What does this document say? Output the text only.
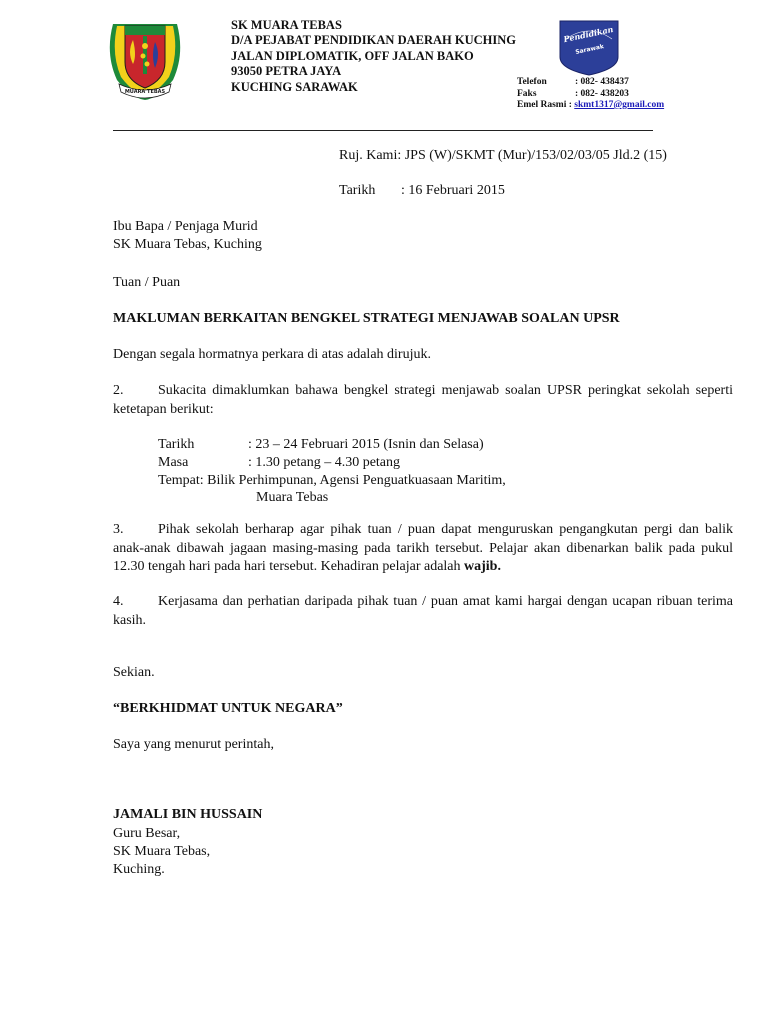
MUARA TEBAS
SK MUARA TEBAS
D/A PEJABAT PENDIDIKAN DAERAH KUCHING
JALAN DIPLOMATIK, OFF JALAN BAKO
93050 PETRA JAYA
KUCHING SARAWAK
Pendidikan
Sarawak
Telefon	: 082- 438437
Faks	: 082- 438203
Emel Rasmi : skmt1317@gmail.com
Ruj. Kami: JPS (W)/SKMT (Mur)/153/02/03/05 Jld.2 (15)
Tarikh : 16 Februari 2015
Ibu Bapa / Penjaga Murid
SK Muara Tebas, Kuching
Tuan / Puan
MAKLUMAN BERKAITAN BENGKEL STRATEGI MENJAWAB SOALAN UPSR
Dengan segala hormatnya perkara di atas adalah dirujuk.
2. Sukacita dimaklumkan bahawa bengkel strategi menjawab soalan UPSR peringkat sekolah seperti ketetapan berikut:
Tarikh	: 23 – 24 Februari 2015 (Isnin dan Selasa)
Masa	: 1.30 petang – 4.30 petang
Tempat: Bilik Perhimpunan, Agensi Penguatkuasaan Maritim,
Muara Tebas
3. Pihak sekolah berharap agar pihak tuan / puan dapat menguruskan pengangkutan pergi dan balik anak-anak dibawah jagaan masing-masing pada tarikh tersebut. Pelajar akan dibenarkan balik pada pukul 12.30 tengah hari pada hari tersebut. Kehadiran pelajar adalah wajib.
4. Kerjasama dan perhatian daripada pihak tuan / puan amat kami hargai dengan ucapan ribuan terima kasih.
Sekian.
“BERKHIDMAT UNTUK NEGARA”
Saya yang menurut perintah,
JAMALI BIN HUSSAIN
Guru Besar,
SK Muara Tebas,
Kuching.
